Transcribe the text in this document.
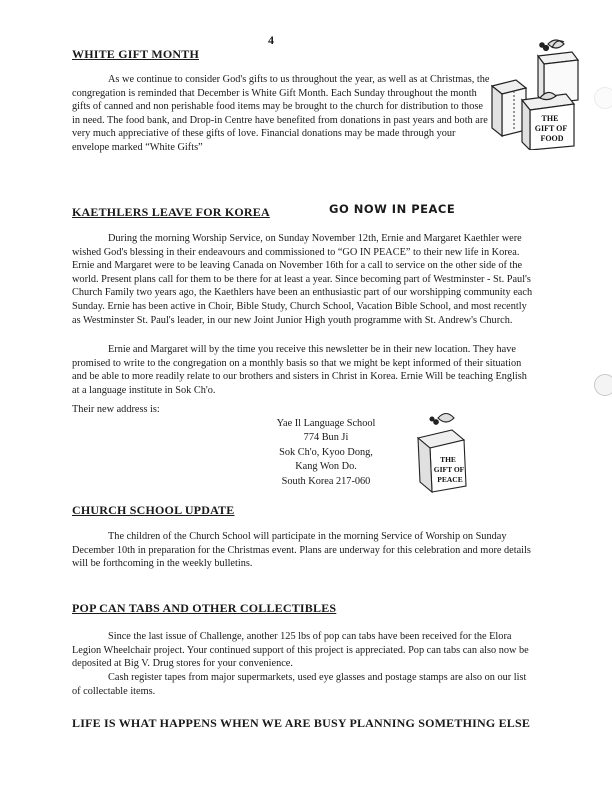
4
WHITE GIFT MONTH
As we continue to consider God's gifts to us throughout the year, as well as at Christmas, the congregation is reminded that December is White Gift Month. Each Sunday throughout the month gifts of canned and non perishable food items may be brought to the church for distribution to those in need. The food bank, and Drop-in Centre have benefited from donations in past years and both are very much appreciative of these gifts of love. Financial donations may be made through your envelope marked “White Gifts”
THE
GIFT OF
FOOD
KAETHLERS LEAVE FOR KOREA	GO NOW IN PEACE
During the morning Worship Service, on Sunday November 12th, Ernie and Margaret Kaethler were wished God's blessing in their endeavours and commissioned to “GO IN PEACE” to their new life in Korea. Ernie and Margaret were to be leaving Canada on November 16th for a call to service on the other side of the world. Present plans call for them to be there for at least a year. Since becoming part of Westminster - St. Paul's Church Family two years ago, the Kaethlers have been an enthusiastic part of our worshipping community each Sunday. Ernie has been active in Choir, Bible Study, Church School, Vacation Bible School, and most recently as Westminster St. Paul's leader, in our new Joint Junior High youth programme with St. Andrew's Church.
Ernie and Margaret will by the time you receive this newsletter be in their new location. They have promised to write to the congregation on a monthly basis so that we might be kept informed of their situation and be able to more readily relate to our brothers and sisters in Christ in Korea. Ernie Will be teaching English at a language institute in Sok Ch'o.
Their new address is:
Yae Il Language School
774 Bun Ji
Sok Ch'o, Kyoo Dong,
Kang Won Do.
South Korea 217-060
THE
GIFT OF
PEACE
CHURCH SCHOOL UPDATE
The children of the Church School will participate in the morning Service of Worship on Sunday December 10th in preparation for the Christmas event. Plans are underway for this celebration and more details will be forthcoming in the weekly bulletins.
POP CAN TABS AND OTHER COLLECTIBLES
Since the last issue of Challenge, another 125 lbs of pop can tabs have been received for the Elora Legion Wheelchair project. Your continued support of this project is appreciated. Pop can tabs can also now be deposited at Big V. Drug stores for your convenience.
Cash register tapes from major supermarkets, used eye glasses and postage stamps are also on our list of collectable items.
LIFE IS WHAT HAPPENS WHEN WE ARE BUSY PLANNING SOMETHING ELSE
